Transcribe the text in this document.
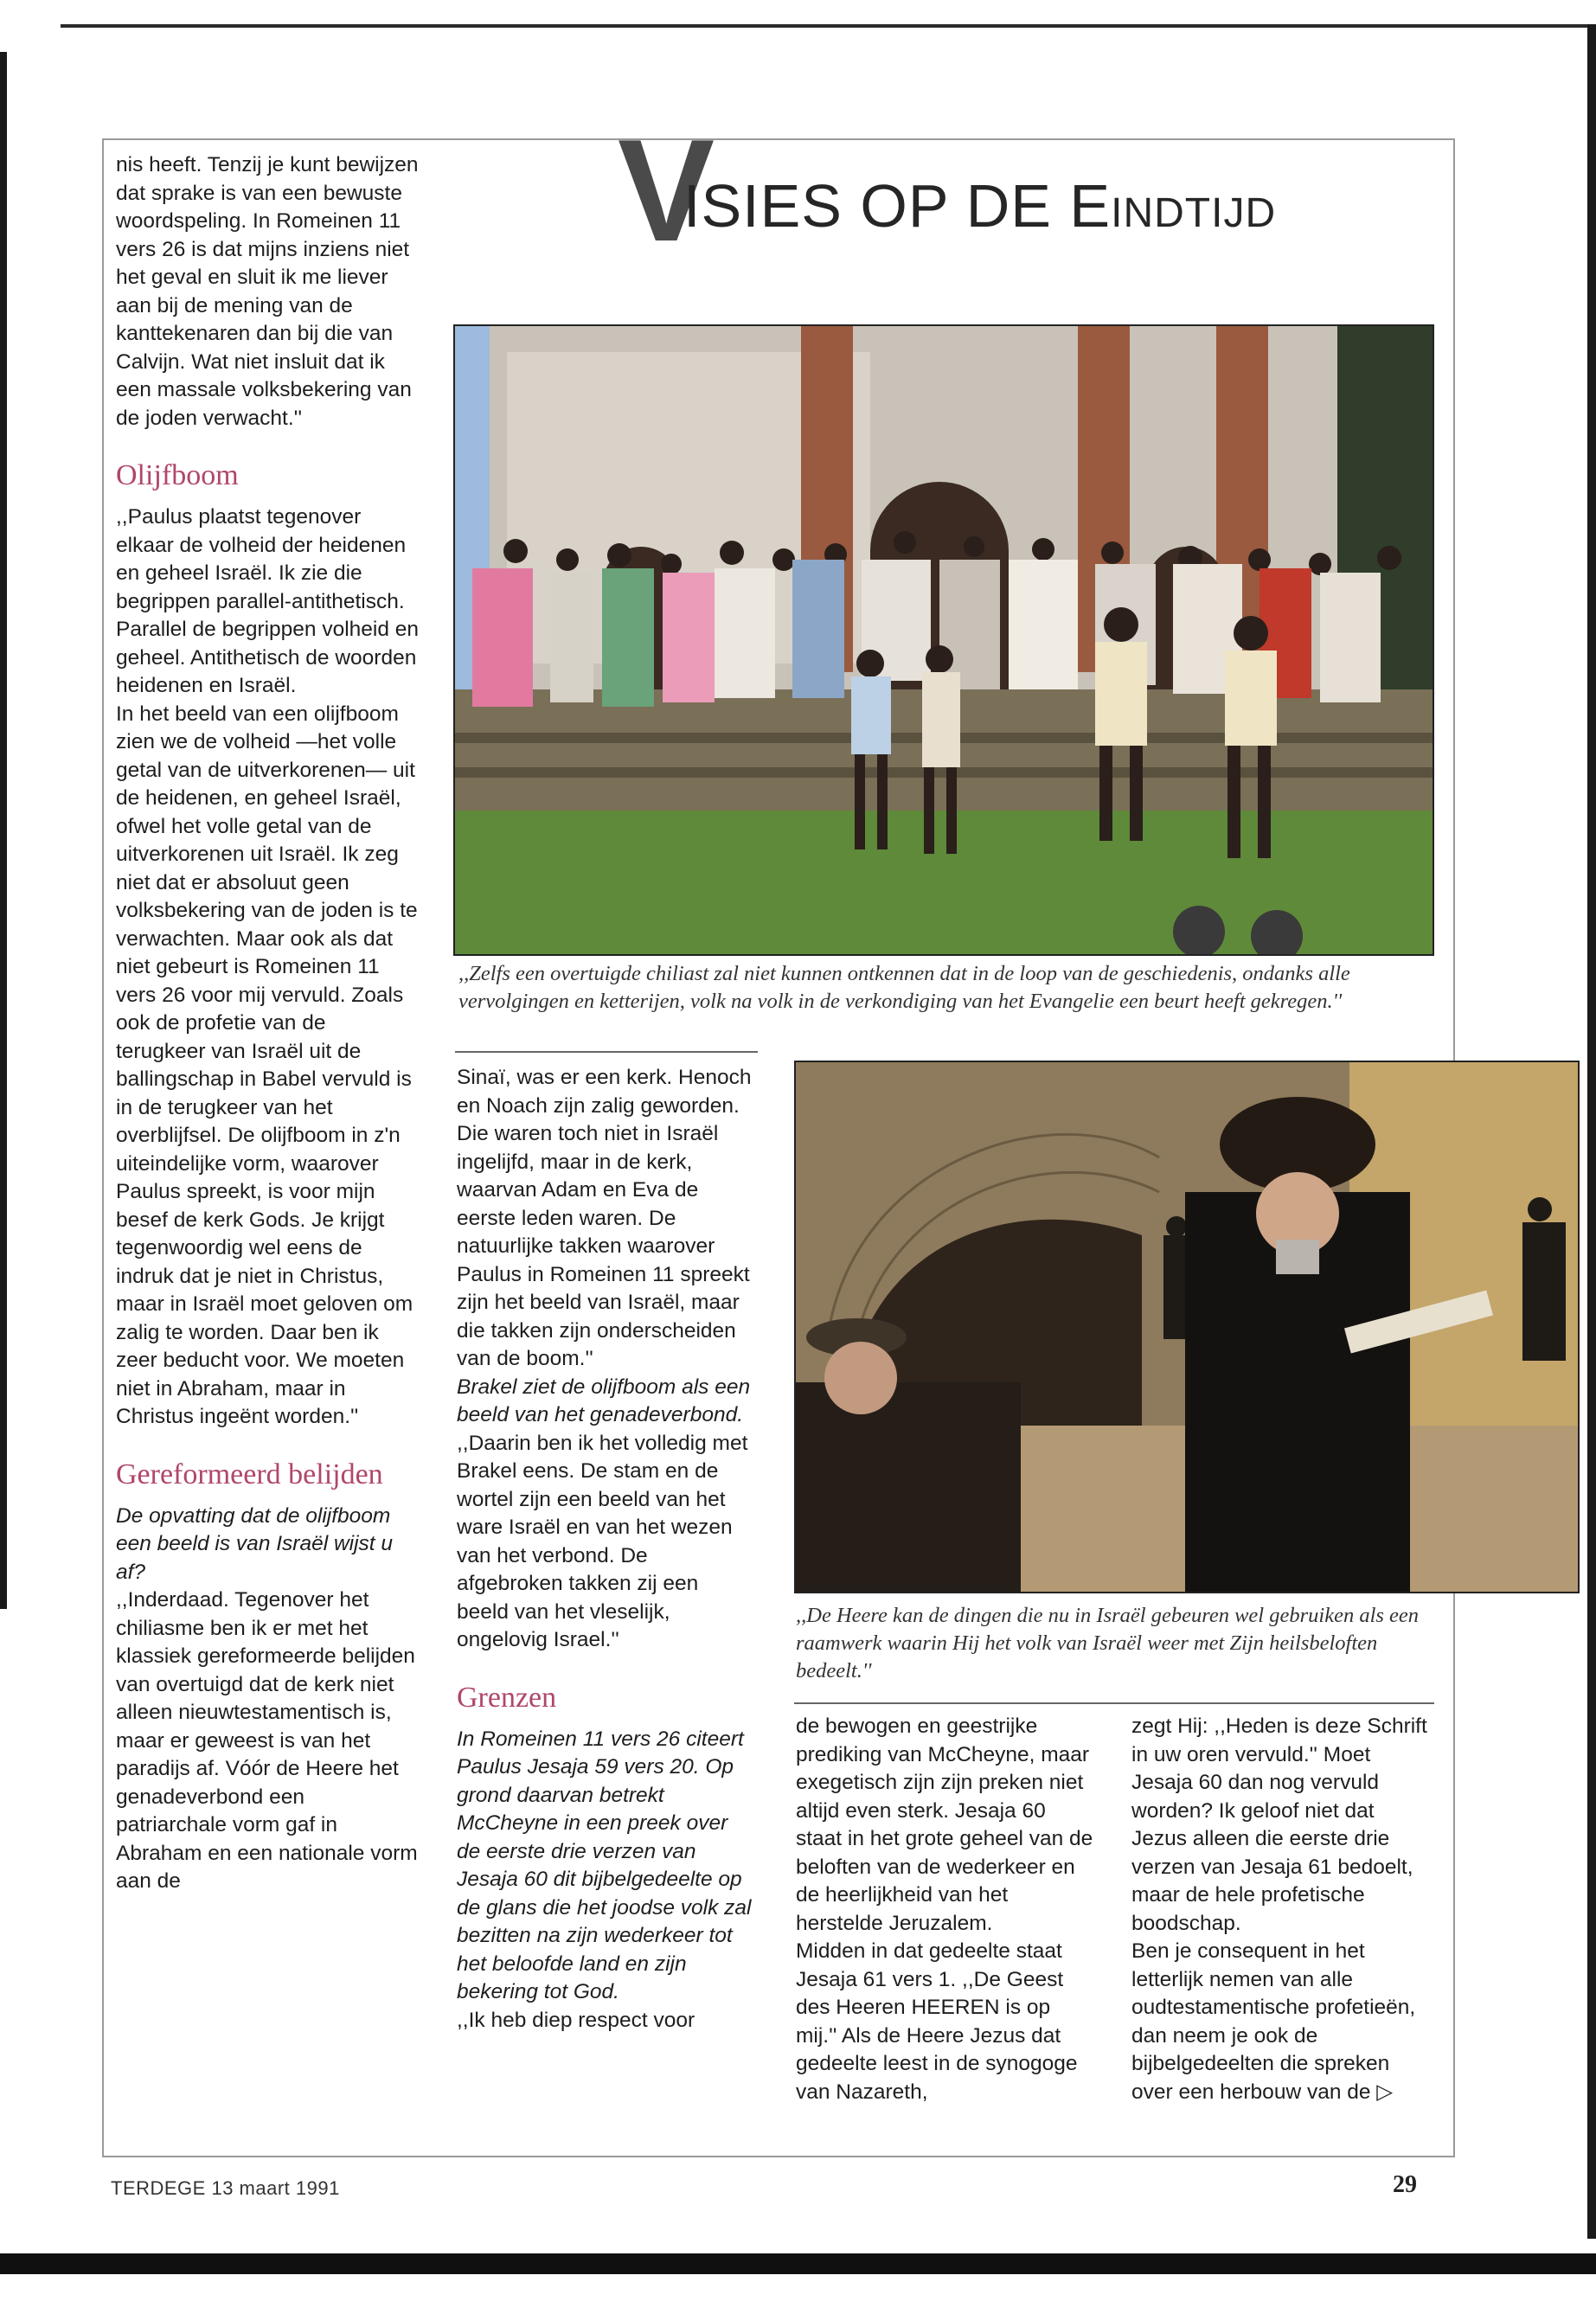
V
ISIES OP DE EINDTIJD

nis heeft. Tenzij je kunt bewijzen dat sprake is van een bewuste woordspeling. In Romeinen 11 vers 26 is dat mijns inziens niet het geval en sluit ik me liever aan bij de mening van de kanttekenaren dan bij die van Calvijn. Wat niet insluit dat ik een massale volksbekering van de joden verwacht.''

Olijfboom

,,Paulus plaatst tegenover elkaar de volheid der heidenen en geheel Israël. Ik zie die begrippen parallel-antithetisch. Parallel de begrippen volheid en geheel. Antithetisch de woorden heidenen en Israël.

In het beeld van een olijfboom zien we de volheid —het volle getal van de uitverkorenen— uit de heidenen, en geheel Israël, ofwel het volle getal van de uitverkorenen uit Israël. Ik zeg niet dat er absoluut geen volksbekering van de joden is te verwachten. Maar ook als dat niet gebeurt is Romeinen 11 vers 26 voor mij vervuld. Zoals ook de profetie van de terugkeer van Israël uit de ballingschap in Babel vervuld is in de terugkeer van het overblijfsel. De olijfboom in z'n uiteindelijke vorm, waarover Paulus spreekt, is voor mijn besef de kerk Gods. Je krijgt tegenwoordig wel eens de indruk dat je niet in Christus, maar in Israël moet geloven om zalig te worden. Daar ben ik zeer beducht voor. We moeten niet in Abraham, maar in Christus ingeënt worden.''

Gereformeerd belijden

De opvatting dat de olijfboom een beeld is van Israël wijst u af?

,,Inderdaad. Tegenover het chiliasme ben ik er met het klassiek gereformeerde belijden van overtuigd dat de kerk niet alleen nieuwtestamentisch is, maar er geweest is van het paradijs af. Vóór de Heere het genadeverbond een patriarchale vorm gaf in Abraham en een nationale vorm aan de

,,Zelfs een overtuigde chiliast zal niet kunnen ontkennen dat in de loop van de geschiedenis, ondanks alle vervolgingen en ketterijen, volk na volk in de verkondiging van het Evangelie een beurt heeft gekregen.''

Sinaï, was er een kerk. Henoch en Noach zijn zalig geworden. Die waren toch niet in Israël ingelijfd, maar in de kerk, waarvan Adam en Eva de eerste leden waren. De natuurlijke takken waarover Paulus in Romeinen 11 spreekt zijn het beeld van Israël, maar die takken zijn onderscheiden van de boom.''

Brakel ziet de olijfboom als een beeld van het genadeverbond.

,,Daarin ben ik het volledig met Brakel eens. De stam en de wortel zijn een beeld van het ware Israël en van het wezen van het verbond. De afgebroken takken zij een beeld van het vleselijk, ongelovig Israel.''

Grenzen

In Romeinen 11 vers 26 citeert Paulus Jesaja 59 vers 20. Op grond daarvan betrekt McCheyne in een preek over de eerste drie verzen van Jesaja 60 dit bijbelgedeelte op de glans die het joodse volk zal bezitten na zijn wederkeer tot het beloofde land en zijn bekering tot God.

,,Ik heb diep respect voor

,,De Heere kan de dingen die nu in Israël gebeuren wel gebruiken als een raamwerk waarin Hij het volk van Israël weer met Zijn heilsbeloften bedeelt.''

de bewogen en geestrijke prediking van McCheyne, maar exegetisch zijn zijn preken niet altijd even sterk. Jesaja 60 staat in het grote geheel van de beloften van de wederkeer en de heerlijkheid van het herstelde Jeruzalem.

Midden in dat gedeelte staat Jesaja 61 vers 1. ,,De Geest des Heeren HEEREN is op mij.'' Als de Heere Jezus dat gedeelte leest in de synogoge van Nazareth,

zegt Hij: ,,Heden is deze Schrift in uw oren vervuld.'' Moet Jesaja 60 dan nog vervuld worden? Ik geloof niet dat Jezus alleen die eerste drie verzen van Jesaja 61 bedoelt, maar de hele profetische boodschap.

Ben je consequent in het letterlijk nemen van alle oudtestamentische profetieën, dan neem je ook de bijbelgedeelten die spreken over een herbouw van de ▷

TERDEGE 13 maart 1991	29
